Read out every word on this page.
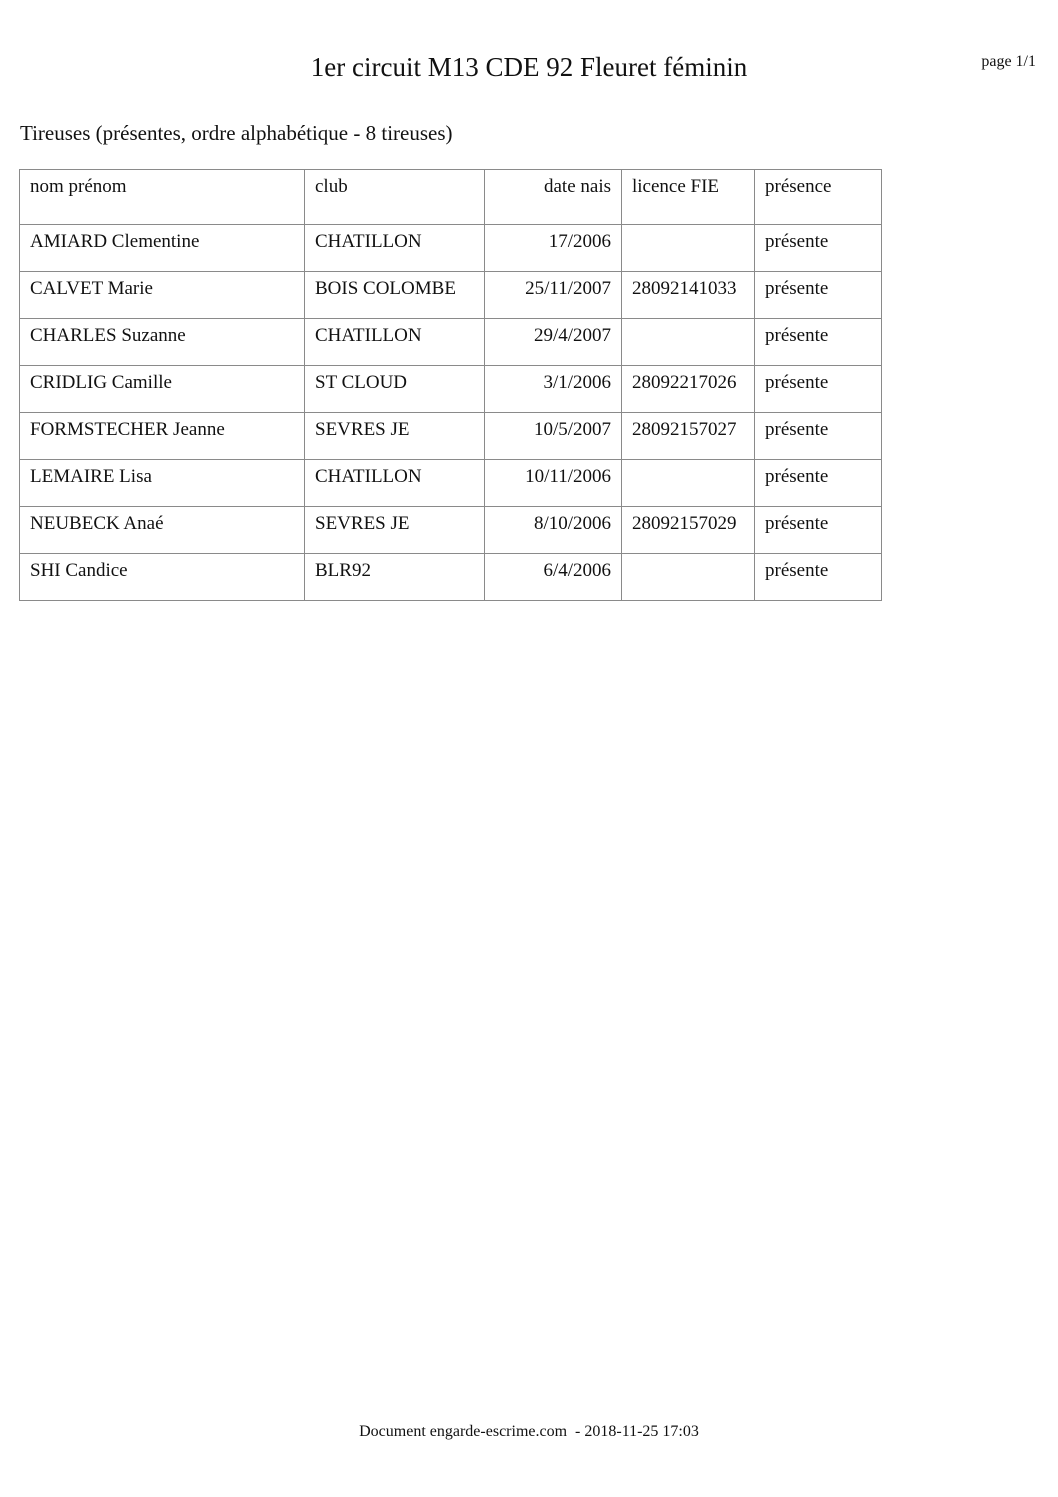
1er circuit M13 CDE 92 Fleuret féminin	page 1/1
Tireuses (présentes, ordre alphabétique - 8 tireuses)
nom prénom	club	date nais	licence FIE	présence
AMIARD Clementine	CHATILLON	17/2006		présente
CALVET Marie	BOIS COLOMBE	25/11/2007	28092141033	présente
CHARLES Suzanne	CHATILLON	29/4/2007		présente
CRIDLIG Camille	ST CLOUD	3/1/2006	28092217026	présente
FORMSTECHER Jeanne	SEVRES JE	10/5/2007	28092157027	présente
LEMAIRE Lisa	CHATILLON	10/11/2006		présente
NEUBECK Anaé	SEVRES JE	8/10/2006	28092157029	présente
SHI Candice	BLR92	6/4/2006		présente
Document engarde-escrime.com  - 2018-11-25 17:03
